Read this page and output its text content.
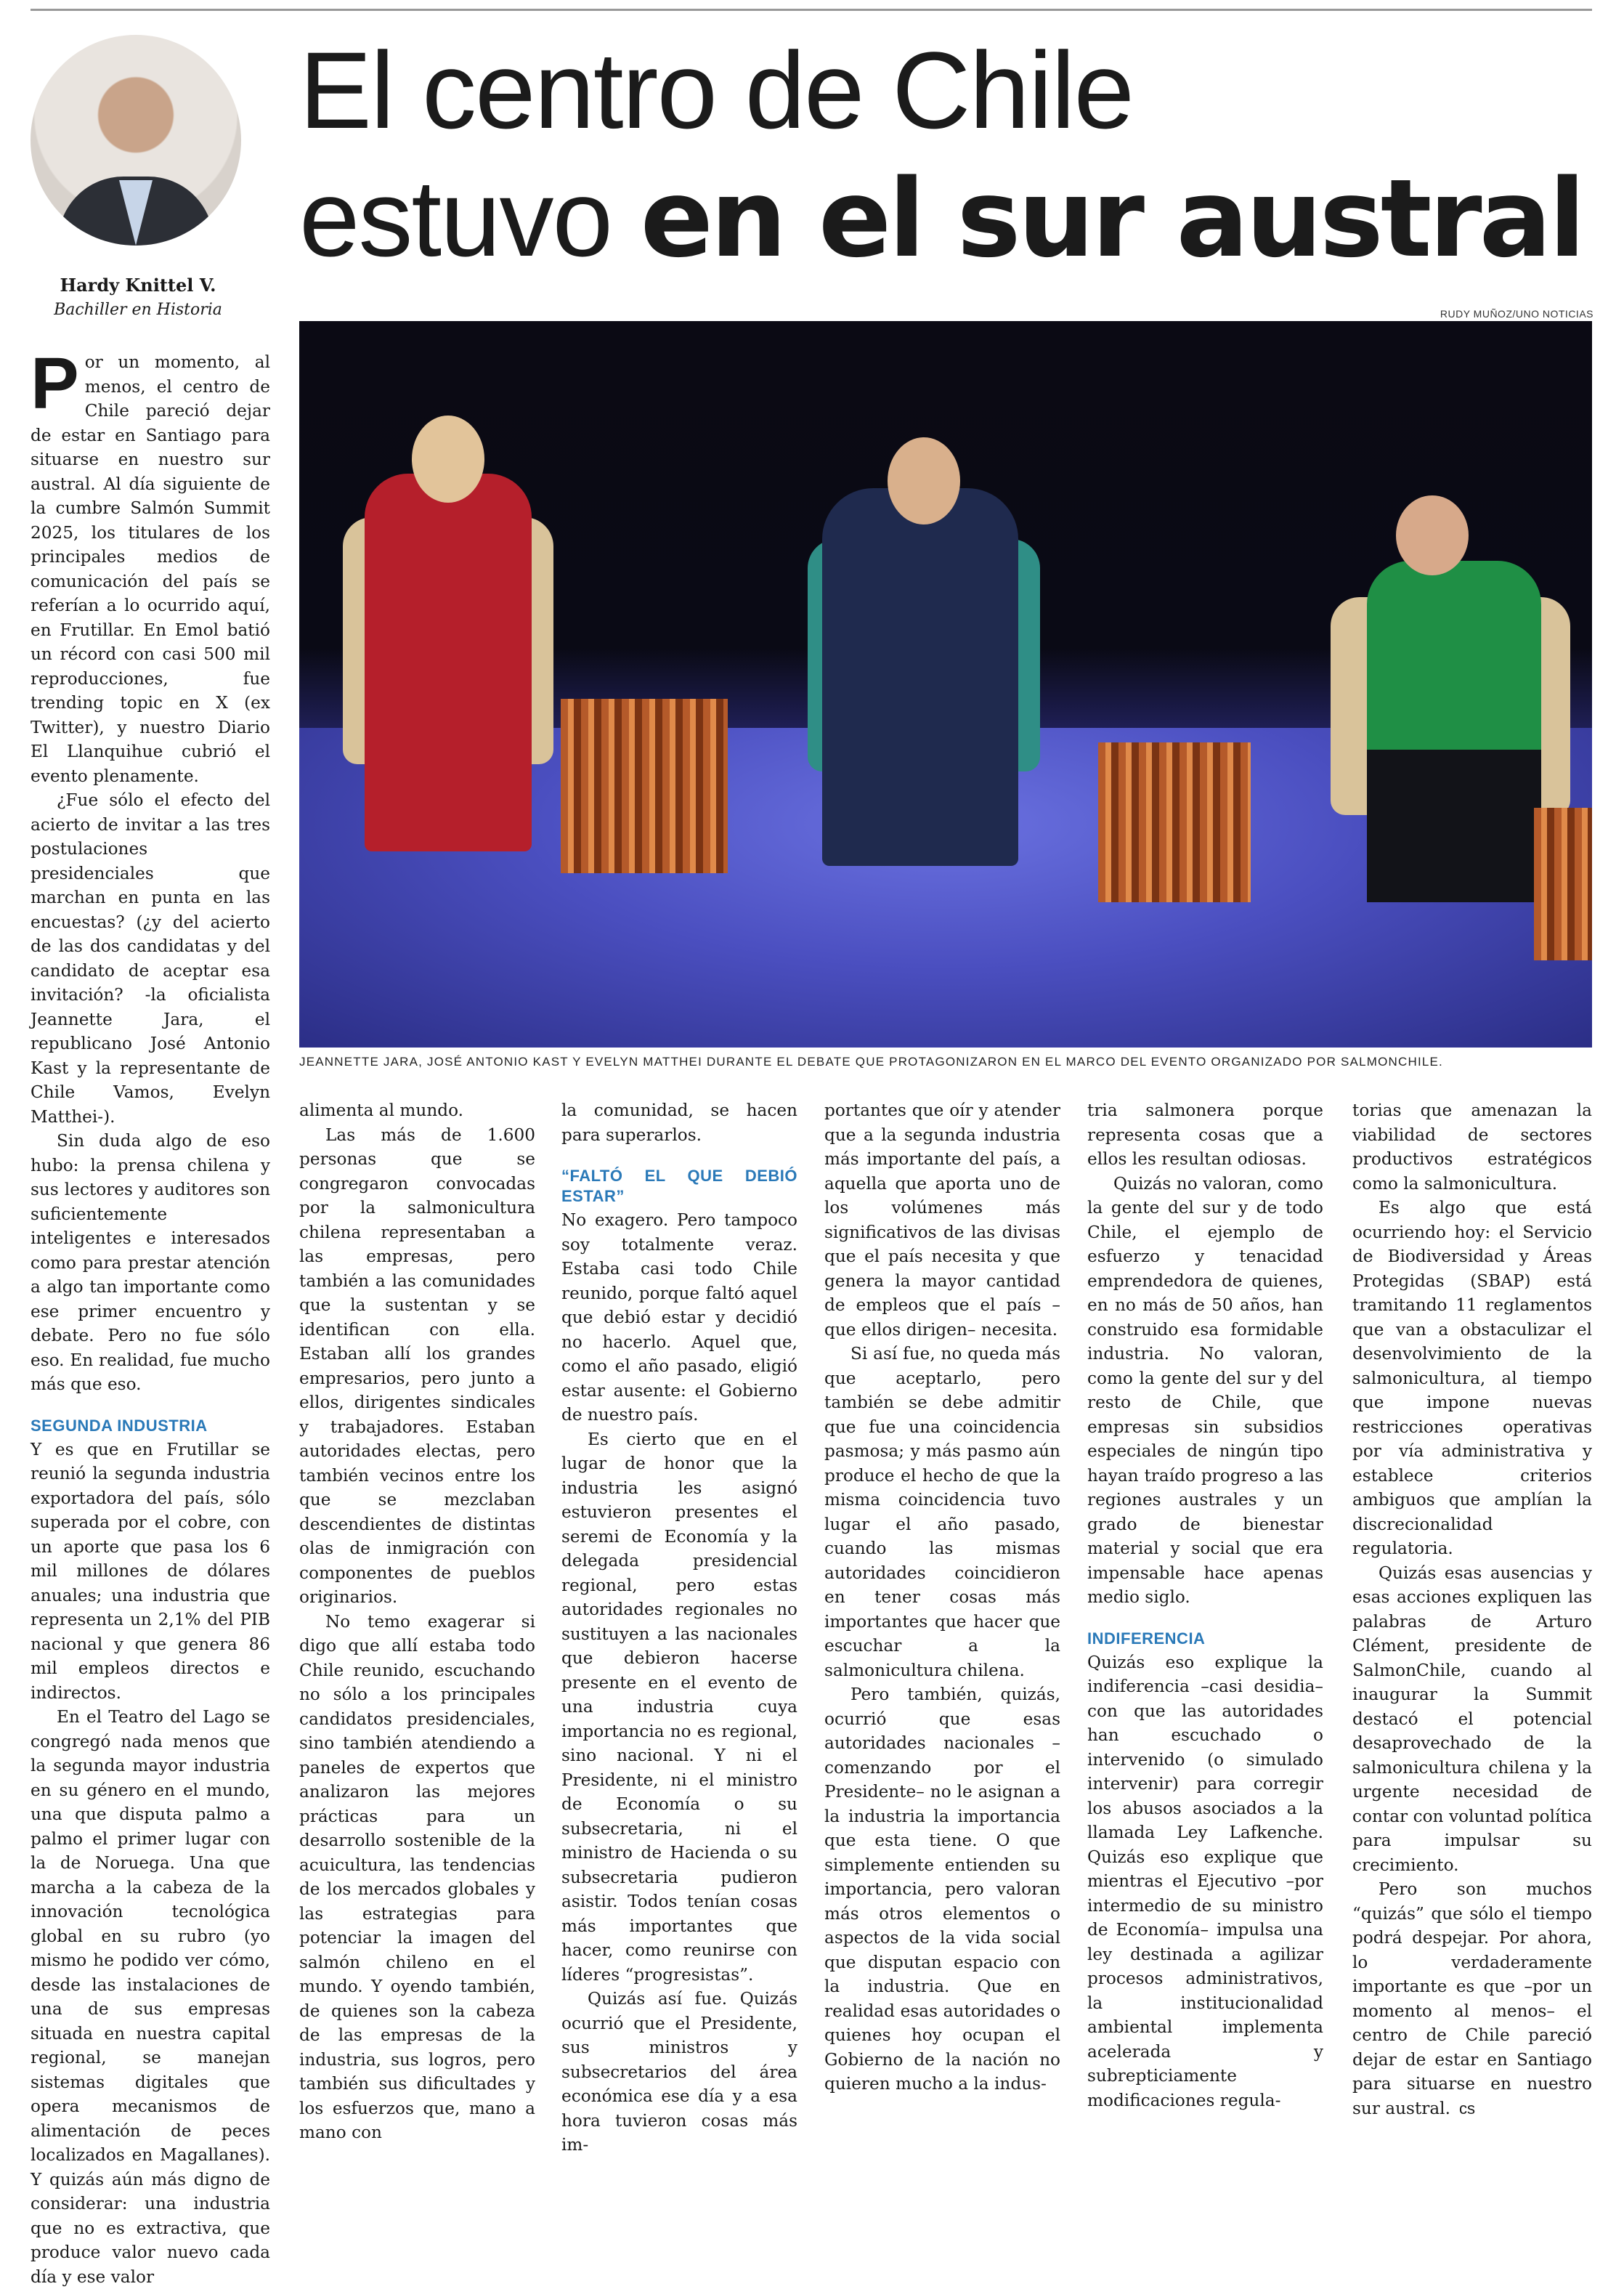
Hardy Knittel V.
Bachiller en Historia
El centro de Chile
estuvo en el sur austral
RUDY MUÑOZ/UNO NOTICIAS
JEANNETTE JARA, JOSÉ ANTONIO KAST Y EVELYN MATTHEI DURANTE EL DEBATE QUE PROTAGONIZARON EN EL MARCO DEL EVENTO ORGANIZADO POR SALMONCHILE.

Por un momento, al menos, el centro de Chile pareció dejar de estar en Santiago para situarse en nuestro sur austral. Al día siguiente de la cumbre Salmón Summit 2025, los titulares de los principales medios de comunicación del país se referían a lo ocurrido aquí, en Frutillar. En Emol batió un récord con casi 500 mil reproducciones, fue trending topic en X (ex Twitter), y nuestro Diario El Llanquihue cubrió el evento plenamente.

¿Fue sólo el efecto del acierto de invitar a las tres postulaciones presidenciales que marchan en punta en las encuestas? (¿y del acierto de las dos candidatas y del candidato de aceptar esa invitación? -la oficialista Jeannette Jara, el republicano José Antonio Kast y la representante de Chile Vamos, Evelyn Matthei-).

Sin duda algo de eso hubo: la prensa chilena y sus lectores y auditores son suficientemente inteligentes e interesados como para prestar atención a algo tan importante como ese primer encuentro y debate. Pero no fue sólo eso. En realidad, fue mucho más que eso.

SEGUNDA INDUSTRIA

Y es que en Frutillar se reunió la segunda industria exportadora del país, sólo superada por el cobre, con un aporte que pasa los 6 mil millones de dólares anuales; una industria que representa un 2,1% del PIB nacional y que genera 86 mil empleos directos e indirectos.

En el Teatro del Lago se congregó nada menos que la segunda mayor industria en su género en el mundo, una que disputa palmo a palmo el primer lugar con la de Noruega. Una que marcha a la cabeza de la innovación tecnológica global en su rubro (yo mismo he podido ver cómo, desde las instalaciones de una de sus empresas situada en nuestra capital regional, se manejan sistemas digitales que opera mecanismos de alimentación de peces localizados en Magallanes). Y quizás aún más digno de considerar: una industria que no es extractiva, que produce valor nuevo cada día y ese valor

alimenta al mundo.

Las más de 1.600 personas que se congregaron convocadas por la salmonicultura chilena representaban a las empresas, pero también a las comunidades que la sustentan y se identifican con ella. Estaban allí los grandes empresarios, pero junto a ellos, dirigentes sindicales y trabajadores. Estaban autoridades electas, pero también vecinos entre los que se mezclaban descendientes de distintas olas de inmigración con componentes de pueblos originarios.

No temo exagerar si digo que allí estaba todo Chile reunido, escuchando no sólo a los principales candidatos presidenciales, sino también atendiendo a paneles de expertos que analizaron las mejores prácticas para un desarrollo sostenible de la acuicultura, las tendencias de los mercados globales y las estrategias para potenciar la imagen del salmón chileno en el mundo. Y oyendo también, de quienes son la cabeza de las empresas de la industria, sus logros, pero también sus dificultades y los esfuerzos que, mano a mano con

la comunidad, se hacen para superarlos.

“FALTÓ EL QUE DEBIÓ ESTAR”

No exagero. Pero tampoco soy totalmente veraz. Estaba casi todo Chile reunido, porque faltó aquel que debió estar y decidió no hacerlo. Aquel que, como el año pasado, eligió estar ausente: el Gobierno de nuestro país.

Es cierto que en el lugar de honor que la industria les asignó estuvieron presentes el seremi de Economía y la delegada presidencial regional, pero estas autoridades regionales no sustituyen a las nacionales que debieron hacerse presente en el evento de una industria cuya importancia no es regional, sino nacional. Y ni el Presidente, ni el ministro de Economía o su subsecretaria, ni el ministro de Hacienda o su subsecretaria pudieron asistir. Todos tenían cosas más importantes que hacer, como reunirse con líderes “progresistas”.

Quizás así fue. Quizás ocurrió que el Presidente, sus ministros y subsecretarios del área económica ese día y a esa hora tuvieron cosas más im-

portantes que oír y atender que a la segunda industria más importante del país, a aquella que aporta uno de los volúmenes más significativos de las divisas que el país necesita y que genera la mayor cantidad de empleos que el país –que ellos dirigen– necesita.

Si así fue, no queda más que aceptarlo, pero también se debe admitir que fue una coincidencia pasmosa; y más pasmo aún produce el hecho de que la misma coincidencia tuvo lugar el año pasado, cuando las mismas autoridades coincidieron en tener cosas más importantes que hacer que escuchar a la salmonicultura chilena.

Pero también, quizás, ocurrió que esas autoridades nacionales –comenzando por el Presidente– no le asignan a la industria la importancia que esta tiene. O que simplemente entienden su importancia, pero valoran más otros elementos o aspectos de la vida social que disputan espacio con la industria. Que en realidad esas autoridades o quienes hoy ocupan el Gobierno de la nación no quieren mucho a la indus-

tria salmonera porque representa cosas que a ellos les resultan odiosas.

Quizás no valoran, como la gente del sur y de todo Chile, el ejemplo de esfuerzo y tenacidad emprendedora de quienes, en no más de 50 años, han construido esa formidable industria. No valoran, como la gente del sur y del resto de Chile, que empresas sin subsidios especiales de ningún tipo hayan traído progreso a las regiones australes y un grado de bienestar material y social que era impensable hace apenas medio siglo.

INDIFERENCIA

Quizás eso explique la indiferencia –casi desidia– con que las autoridades han escuchado o intervenido (o simulado intervenir) para corregir los abusos asociados a la llamada Ley Lafkenche. Quizás eso explique que mientras el Ejecutivo –por intermedio de su ministro de Economía– impulsa una ley destinada a agilizar procesos administrativos, la institucionalidad ambiental implementa acelerada y subrepticiamente modificaciones regula-

torias que amenazan la viabilidad de sectores productivos estratégicos como la salmonicultura.

Es algo que está ocurriendo hoy: el Servicio de Biodiversidad y Áreas Protegidas (SBAP) está tramitando 11 reglamentos que van a obstaculizar el desenvolvimiento de la salmonicultura, al tiempo que impone nuevas restricciones operativas por vía administrativa y establece criterios ambiguos que amplían la discrecionalidad regulatoria.

Quizás esas ausencias y esas acciones expliquen las palabras de Arturo Clément, presidente de SalmonChile, cuando al inaugurar la Summit destacó el potencial desaprovechado de la salmonicultura chilena y la urgente necesidad de contar con voluntad política para impulsar su crecimiento.

Pero son muchos “quizás” que sólo el tiempo podrá despejar. Por ahora, lo verdaderamente importante es que –por un momento al menos– el centro de Chile pareció dejar de estar en Santiago para situarse en nuestro sur austral. cs
